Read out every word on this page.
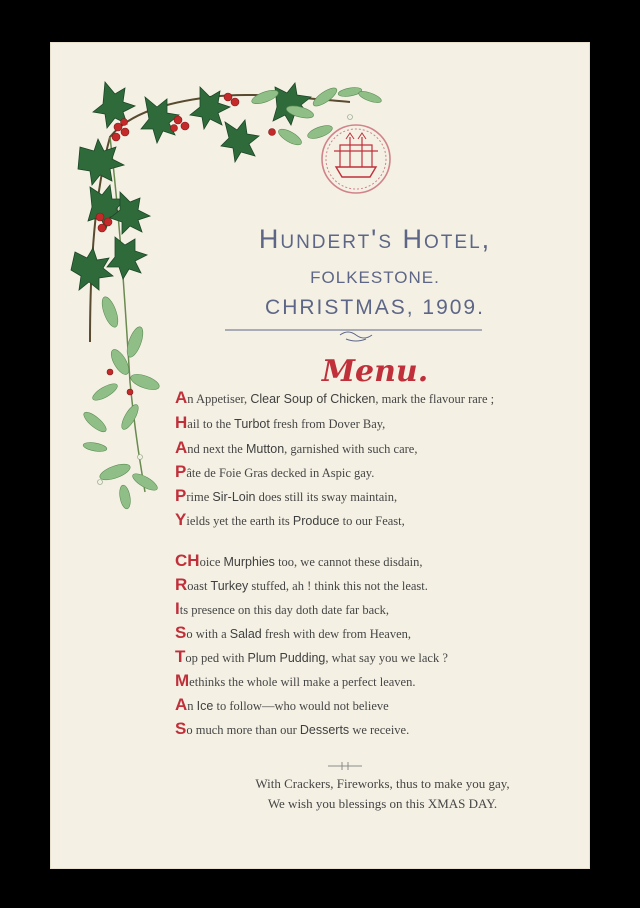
Hundert's Hotel,
FOLKESTONE.
CHRISTMAS, 1909.
Menu.
An Appetiser, Clear Soup of Chicken, mark the flavour rare ;
Hail to the Turbot fresh from Dover Bay,
And next the Mutton, garnished with such care,
Pâte de Foie Gras decked in Aspic gay.
Prime Sir-Loin does still its sway maintain,
Yields yet the earth its Produce to our Feast,
CHoice Murphies too, we cannot these disdain,
Roast Turkey stuffed, ah ! think this not the least.
Its presence on this day doth date far back,
So with a Salad fresh with dew from Heaven,
Top ped with Plum Pudding, what say you we lack ?
Methinks the whole will make a perfect leaven.
An Ice to follow—who would not believe
So much more than our Desserts we receive.
With Crackers, Fireworks, thus to make you gay,
We wish you blessings on this XMAS DAY.
